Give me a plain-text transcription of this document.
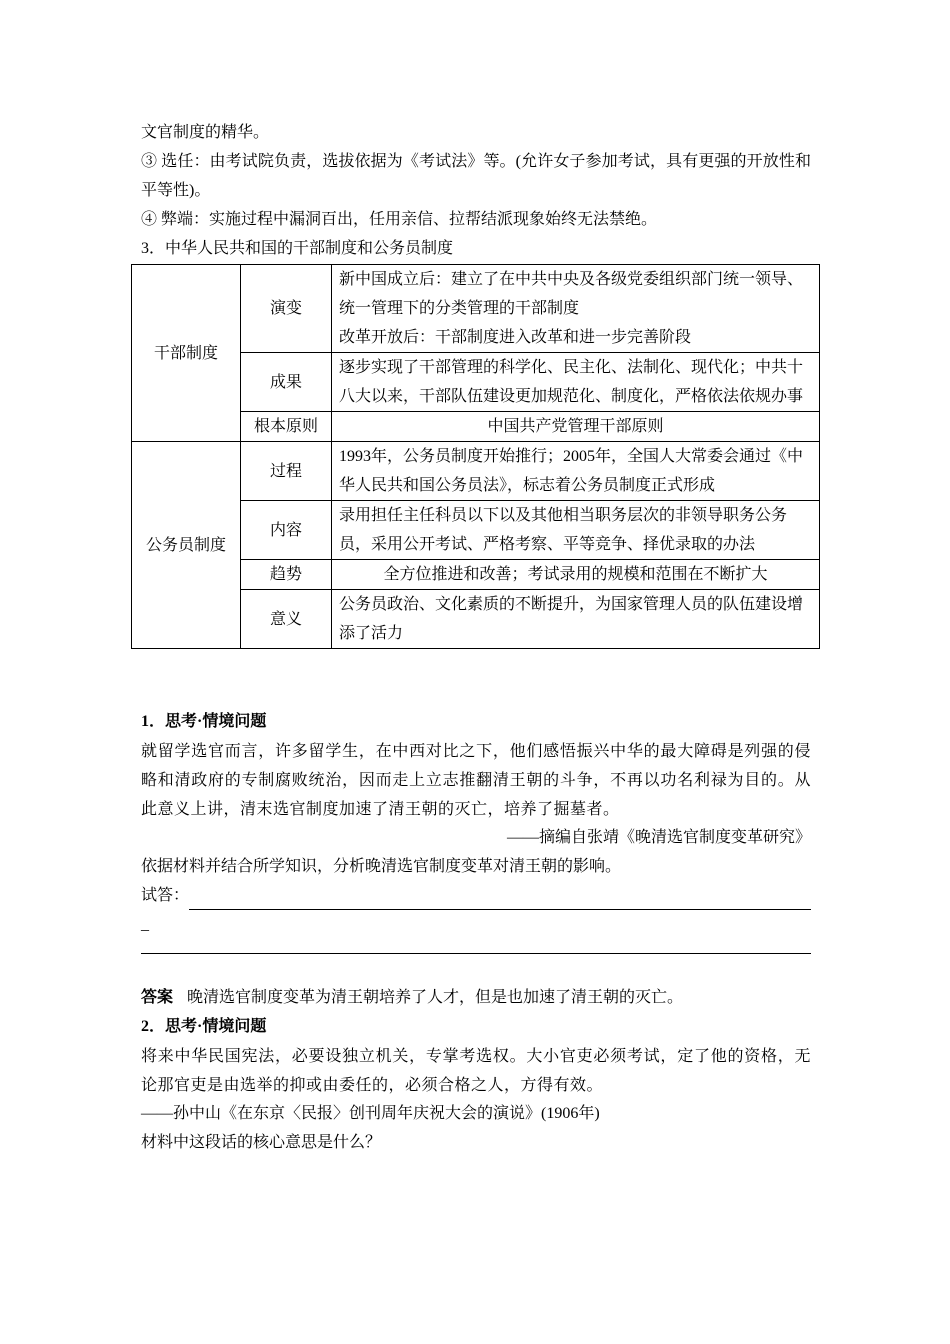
文官制度的精华。

③ 选任：由考试院负责，选拔依据为《考试法》等。(允许女子参加考试，具有更强的开放性和平等性)。

④ 弊端：实施过程中漏洞百出，任用亲信、拉帮结派现象始终无法禁绝。

3．中华人民共和国的干部制度和公务员制度

干部制度	演变	新中国成立后：建立了在中共中央及各级党委组织部门统一领导、统一管理下的分类管理的干部制度
改革开放后：干部制度进入改革和进一步完善阶段

	成果	逐步实现了干部管理的科学化、民主化、法制化、现代化；中共十八大以来，干部队伍建设更加规范化、制度化，严格依法依规办事
	根本原则	中国共产党管理干部原则
公务员制度	过程	1993年，公务员制度开始推行；2005年，全国人大常委会通过《中华人民共和国公务员法》，标志着公务员制度正式形成
	内容	录用担任主任科员以下以及其他相当职务层次的非领导职务公务员，采用公开考试、严格考察、平等竞争、择优录取的办法
	趋势	全方位推进和改善；考试录用的规模和范围在不断扩大
	意义	公务员政治、文化素质的不断提升，为国家管理人员的队伍建设增添了活力

1．思考·情境问题

就留学选官而言，许多留学生，在中西对比之下，他们感悟振兴中华的最大障碍是列强的侵略和清政府的专制腐败统治，因而走上立志推翻清王朝的斗争，不再以功名利禄为目的。从此意义上讲，清末选官制度加速了清王朝的灭亡，培养了掘墓者。

——摘编自张靖《晚清选官制度变革研究》

依据材料并结合所学知识，分析晚清选官制度变革对清王朝的影响。

试答：

_

答案 晚清选官制度变革为清王朝培养了人才，但是也加速了清王朝的灭亡。

2．思考·情境问题

将来中华民国宪法，必要设独立机关，专掌考选权。大小官吏必须考试，定了他的资格，无论那官吏是由选举的抑或由委任的，必须合格之人，方得有效。

——孙中山《在东京〈民报〉创刊周年庆祝大会的演说》(1906年)

材料中这段话的核心意思是什么？
